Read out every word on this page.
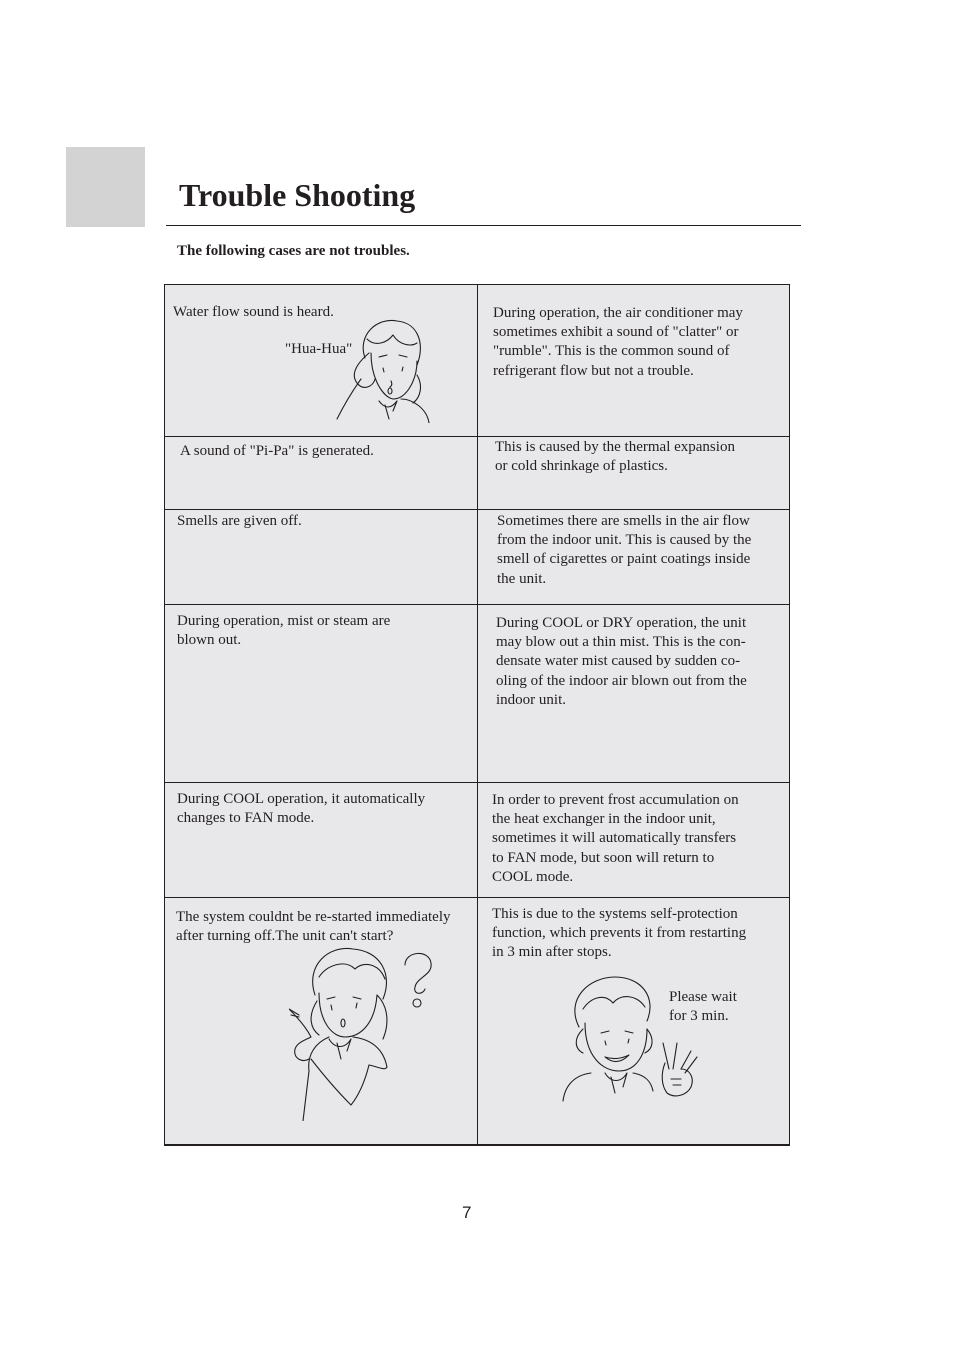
Trouble Shooting
The following cases are not troubles.
Water flow sound is heard.
"Hua-Hua"
During operation, the air conditioner may
sometimes exhibit a sound of "clatter" or
"rumble". This is the common sound of
refrigerant flow but not a trouble.
A sound of "Pi-Pa" is generated.	This is caused by the thermal expansion
or cold shrinkage of plastics.
Smells are given off.	Sometimes there are smells in the air flow
from the indoor unit. This is caused by the
smell of cigarettes or paint coatings inside
the unit.
During operation, mist or steam are
blown out.
During COOL or DRY operation, the unit
may blow out a thin mist. This is the con-
densate water mist caused by sudden co-
oling of the indoor air blown out from the
indoor unit.
During COOL operation, it automatically
changes to FAN mode.
In order to prevent frost accumulation on
the heat exchanger in the indoor unit,
sometimes it will automatically transfers
to FAN mode, but soon will return to
COOL mode.
The system couldnt be re-started immediately
after turning off.The unit can't start?
This is due to the systems self-protection
function, which prevents it from restarting
in 3 min after stops.
Please wait
for 3 min.
7
